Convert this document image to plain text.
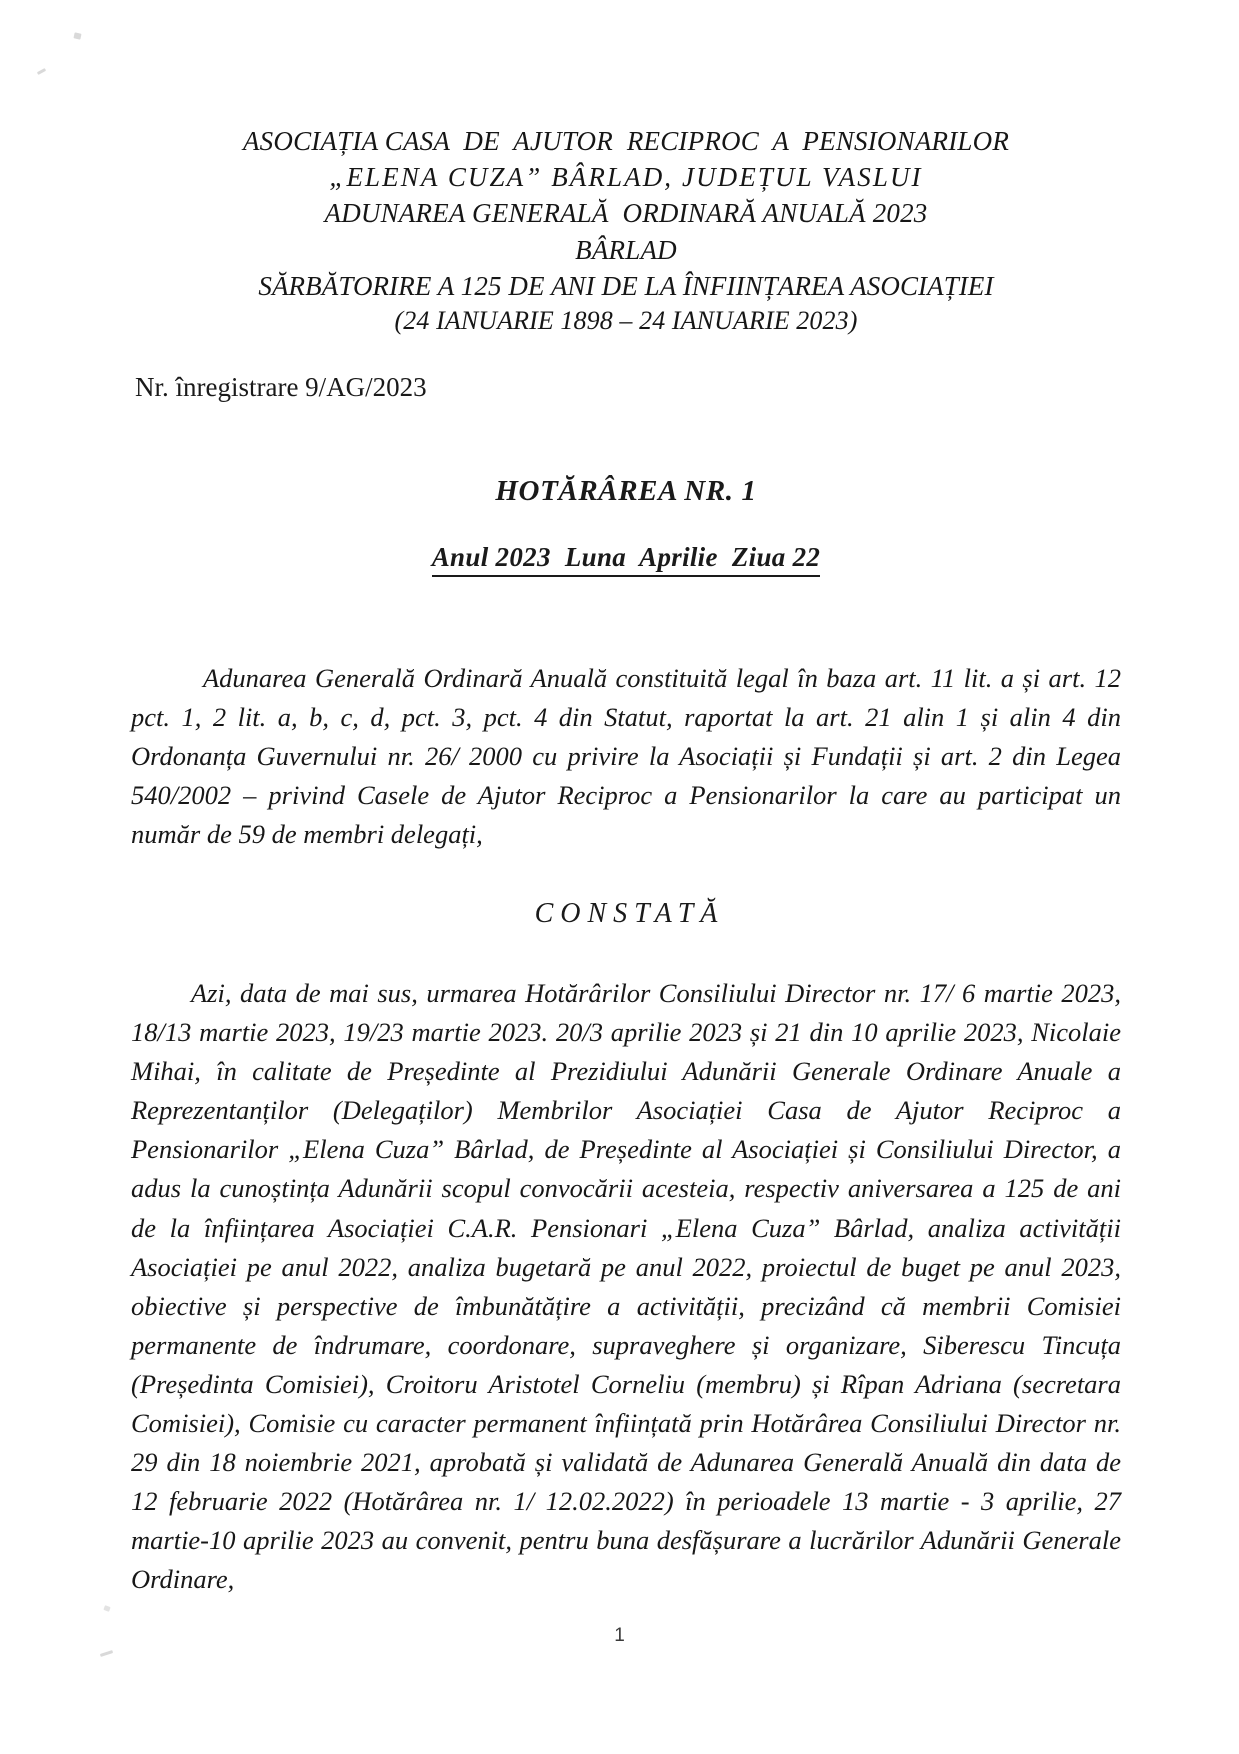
ASOCIAȚIA CASA  DE  AJUTOR  RECIPROC  A  PENSIONARILOR
„ELENA CUZA” BÂRLAD, JUDEȚUL VASLUI
ADUNAREA GENERALĂ  ORDINARĂ ANUALĂ 2023
BÂRLAD
SĂRBĂTORIRE A 125 DE ANI DE LA ÎNFIINȚAREA ASOCIAȚIEI
(24 IANUARIE 1898 – 24 IANUARIE 2023)
Nr. înregistrare 9/AG/2023
HOTĂRÂREA NR. 1
Anul 2023  Luna  Aprilie  Ziua 22
Adunarea Generală Ordinară Anuală constituită legal în baza art. 11 lit. a și art. 12 pct. 1, 2 lit. a, b, c, d, pct. 3, pct. 4 din Statut, raportat la art. 21 alin 1 și alin 4 din Ordonanța Guvernului nr. 26/ 2000 cu privire la Asociații și Fundații și art. 2 din Legea 540/2002 – privind Casele de Ajutor Reciproc a Pensionarilor la care au participat un număr de 59 de membri delegați,
CONSTATĂ
Azi, data de mai sus, urmarea Hotărârilor Consiliului Director nr. 17/ 6 martie 2023, 18/13 martie 2023, 19/23 martie 2023. 20/3 aprilie 2023 și 21 din 10 aprilie 2023, Nicolaie Mihai, în calitate de Președinte al Prezidiului Adunării Generale Ordinare Anuale a Reprezentanților (Delegaților) Membrilor Asociației Casa de Ajutor Reciproc a Pensionarilor „Elena Cuza” Bârlad, de Președinte al Asociației și Consiliului Director, a adus la cunoștința Adunării scopul convocării acesteia, respectiv aniversarea a 125 de ani de la înființarea Asociației C.A.R. Pensionari „Elena Cuza” Bârlad, analiza activității Asociației pe anul 2022, analiza bugetară pe anul 2022, proiectul de buget pe anul 2023, obiective și perspective de îmbunătățire a activității, precizând că membrii Comisiei permanente de îndrumare, coordonare, supraveghere și organizare, Siberescu Tincuța (Președinta Comisiei), Croitoru Aristotel Corneliu (membru) și Rîpan Adriana (secretara Comisiei), Comisie cu caracter permanent înființată prin Hotărârea Consiliului Director nr. 29 din 18 noiembrie 2021, aprobată și validată de Adunarea Generală Anuală din data de 12 februarie 2022 (Hotărârea nr. 1/ 12.02.2022) în perioadele 13 martie - 3 aprilie, 27 martie-10 aprilie 2023 au convenit, pentru buna desfășurare a lucrărilor Adunării Generale Ordinare,
1
